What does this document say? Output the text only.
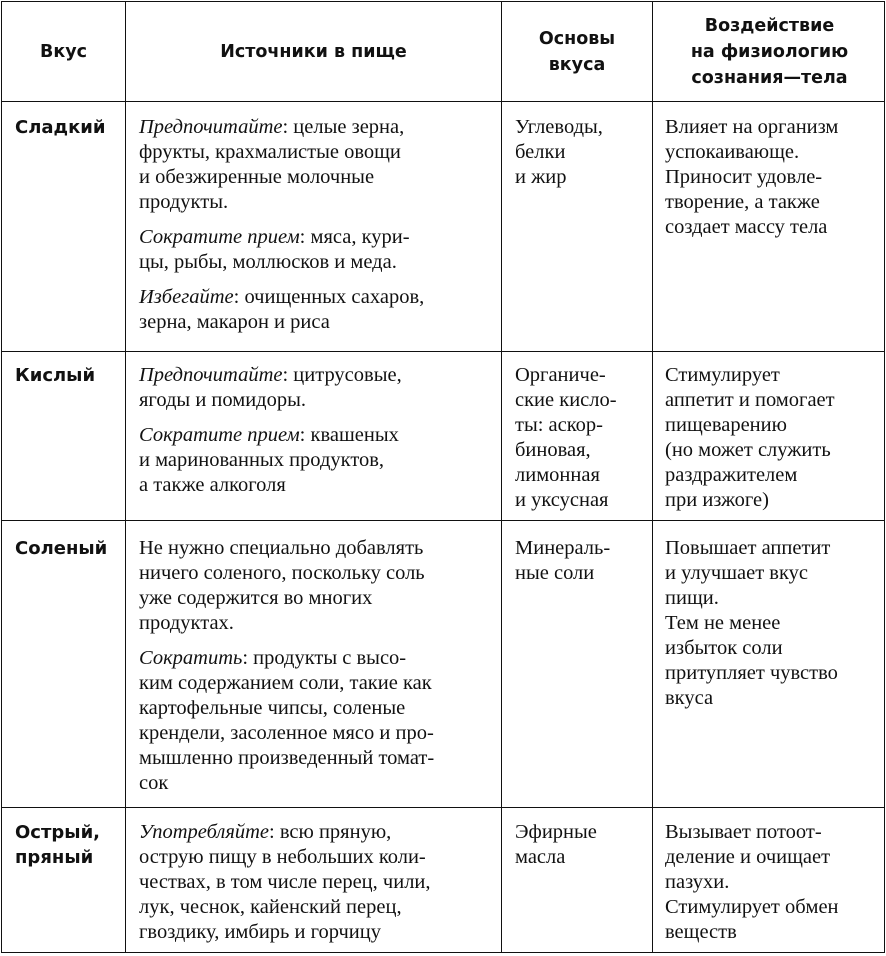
Вкус	Источники в пище
Основы
вкуса
Воздействие
на физиологию
сознания—тела
Сладкий Предпочитайте: целые зерна,
фрукты, крахмалистые овощи
и обезжиренные молочные
продукты.
Сократите прием: мяса, кури-
цы, рыбы, моллюсков и меда.
Избегайте: очищенных сахаров,
зерна, макарон и риса
Углеводы,
белки
и жир
Влияет на организм
успокаивающе.
Приносит удовле-
творение, а также
создает массу тела
Кислый Предпочитайте: цитрусовые,
ягоды и помидоры.
Сократите прием: квашеных
и маринованных продуктов,
а также алкоголя
Органиче-
ские кисло-
ты: аскор-
биновая,
лимонная
и уксусная
Стимулирует
аппетит и помогает
пищеварению
(но может служить
раздражителем
при изжоге)
Соленый Не нужно специально добавлять
ничего соленого, поскольку соль
уже содержится во многих
продуктах.
Сократить: продукты с высо-
ким содержанием соли, такие как
картофельные чипсы, соленые
крендели, засоленное мясо и про-
мышленно произведенный томат-
сок
Минераль-
ные соли
Повышает аппетит
и улучшает вкус
пищи.
Тем не менее
избыток соли
притупляет чувство
вкуса
Острый,
пряный
Употребляйте: всю пряную,
острую пищу в небольших коли-
чествах, в том числе перец, чили,
лук, чеснок, кайенский перец,
гвоздику, имбирь и горчицу
Эфирные
масла
Вызывает потоот-
деление и очищает
пазухи.
Стимулирует обмен
веществ
